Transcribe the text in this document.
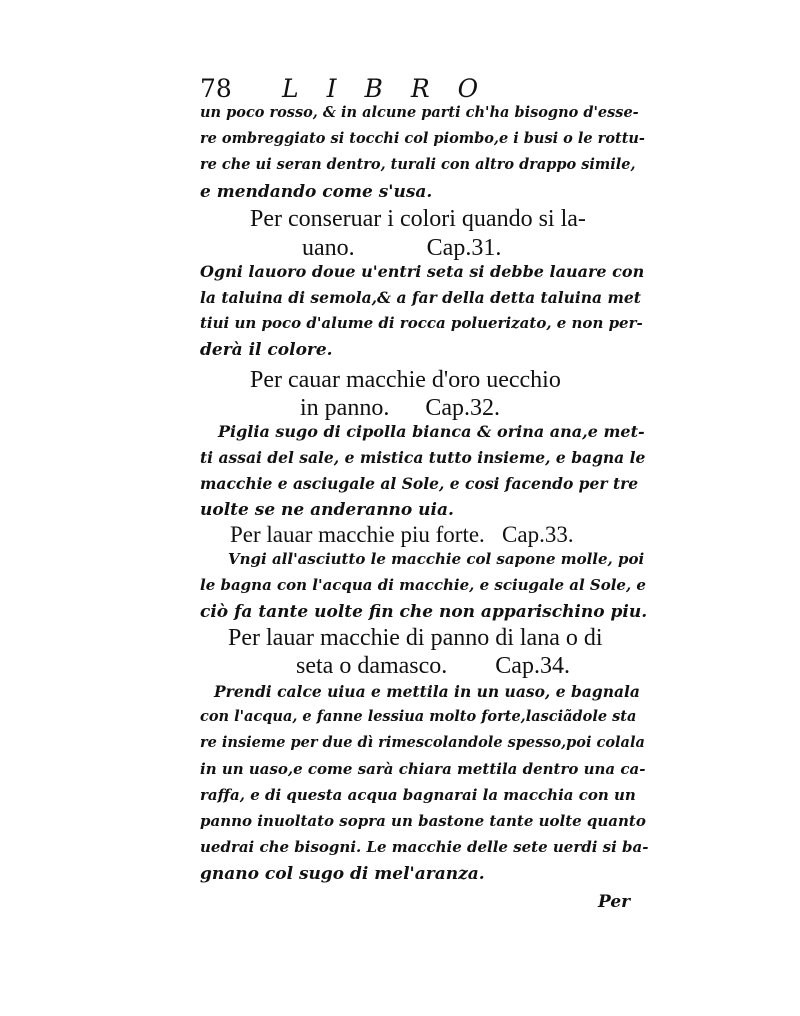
78 LIBRO
un poco rosso, & in alcune parti ch'ha bisogno d'esse-
re ombreggiato si tocchi col piombo,e i busi o le rottu-
re che ui seran dentro, turali con altro drappo simile,
e mendando come s'usa.
Per conseruar i colori quando si la-
uano.            Cap.31.
Ogni lauoro doue u'entri seta si debbe lauare con
la taluina di semola,& a far della detta taluina met
tiui un poco d'alume di rocca poluerizato, e non per-
derà il colore.
Per cauar macchie d'oro uecchio
in panno.      Cap.32.
Piglia sugo di cipolla bianca & orina ana,e met-
ti assai del sale, e mistica tutto insieme, e bagna le
macchie e asciugale al Sole, e cosi facendo per tre
uolte se ne anderanno uia.
Per lauar macchie piu forte.   Cap.33.
Vngi all'asciutto le macchie col sapone molle, poi
le bagna con l'acqua di macchie, e sciugale al Sole, e
ciò fa tante uolte fin che non apparischino piu.
Per lauar macchie di panno di lana o di
seta o damasco.        Cap.34.
Prendi calce uiua e mettila in un uaso, e bagnala
con l'acqua, e fanne lessiua molto forte,lasciãdole sta
re insieme per due dì rimescolandole spesso,poi colala
in un uaso,e come sarà chiara mettila dentro una ca-
raffa, e di questa acqua bagnarai la macchia con un
panno inuoltato sopra un bastone tante uolte quanto
uedrai che bisogni. Le macchie delle sete uerdi si ba-
gnano col sugo di mel'aranza.
Per
